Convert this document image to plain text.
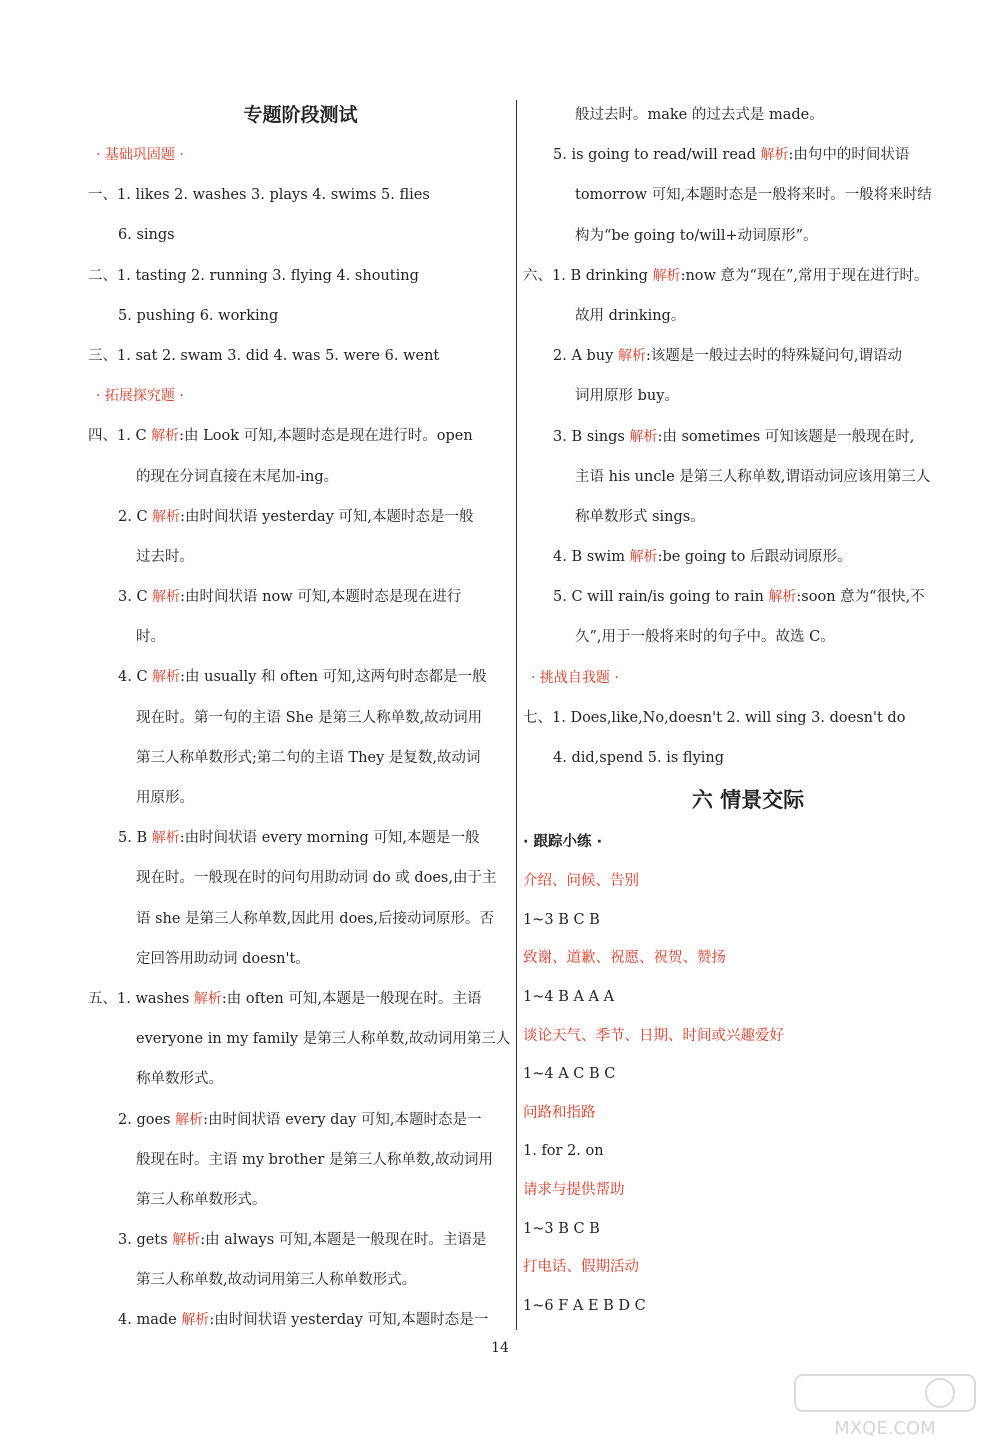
专题阶段测试
· 基础巩固题 ·
一、1. likes 2. washes 3. plays 4. swims 5. flies
6. sings
二、1. tasting 2. running 3. flying 4. shouting
5. pushing 6. working
三、1. sat 2. swam 3. did 4. was 5. were 6. went
· 拓展探究题 ·
四、1. C 解析:由 Look 可知,本题时态是现在进行时。open
的现在分词直接在末尾加-ing。
2. C 解析:由时间状语 yesterday 可知,本题时态是一般
过去时。
3. C 解析:由时间状语 now 可知,本题时态是现在进行
时。
4. C 解析:由 usually 和 often 可知,这两句时态都是一般
现在时。第一句的主语 She 是第三人称单数,故动词用
第三人称单数形式;第二句的主语 They 是复数,故动词
用原形。
5. B 解析:由时间状语 every morning 可知,本题是一般
现在时。一般现在时的问句用助动词 do 或 does,由于主
语 she 是第三人称单数,因此用 does,后接动词原形。否
定回答用助动词 doesn't。
五、1. washes 解析:由 often 可知,本题是一般现在时。主语
everyone in my family 是第三人称单数,故动词用第三人
称单数形式。
2. goes 解析:由时间状语 every day 可知,本题时态是一
般现在时。主语 my brother 是第三人称单数,故动词用
第三人称单数形式。
3. gets 解析:由 always 可知,本题是一般现在时。主语是
第三人称单数,故动词用第三人称单数形式。
4. made 解析:由时间状语 yesterday 可知,本题时态是一
般过去时。make 的过去式是 made。
5. is going to read/will read 解析:由句中的时间状语
tomorrow 可知,本题时态是一般将来时。一般将来时结
构为“be going to/will+动词原形”。
六、1. B drinking 解析:now 意为“现在”,常用于现在进行时。
故用 drinking。
2. A buy 解析:该题是一般过去时的特殊疑问句,谓语动
词用原形 buy。
3. B sings 解析:由 sometimes 可知该题是一般现在时,
主语 his uncle 是第三人称单数,谓语动词应该用第三人
称单数形式 sings。
4. B swim 解析:be going to 后跟动词原形。
5. C will rain/is going to rain 解析:soon 意为“很快,不
久”,用于一般将来时的句子中。故选 C。
· 挑战自我题 ·
七、1. Does,like,No,doesn't 2. will sing 3. doesn't do
4. did,spend 5. is flying
六 情景交际
· 跟踪小练 ·
介绍、问候、告别
1~3 B C B
致谢、道歉、祝愿、祝贺、赞扬
1~4 B A A A
谈论天气、季节、日期、时间或兴趣爱好
1~4 A C B C
问路和指路
1. for 2. on
请求与提供帮助
1~3 B C B
打电话、假期活动
1~6 F A E B D C
14
MXQE.COM
